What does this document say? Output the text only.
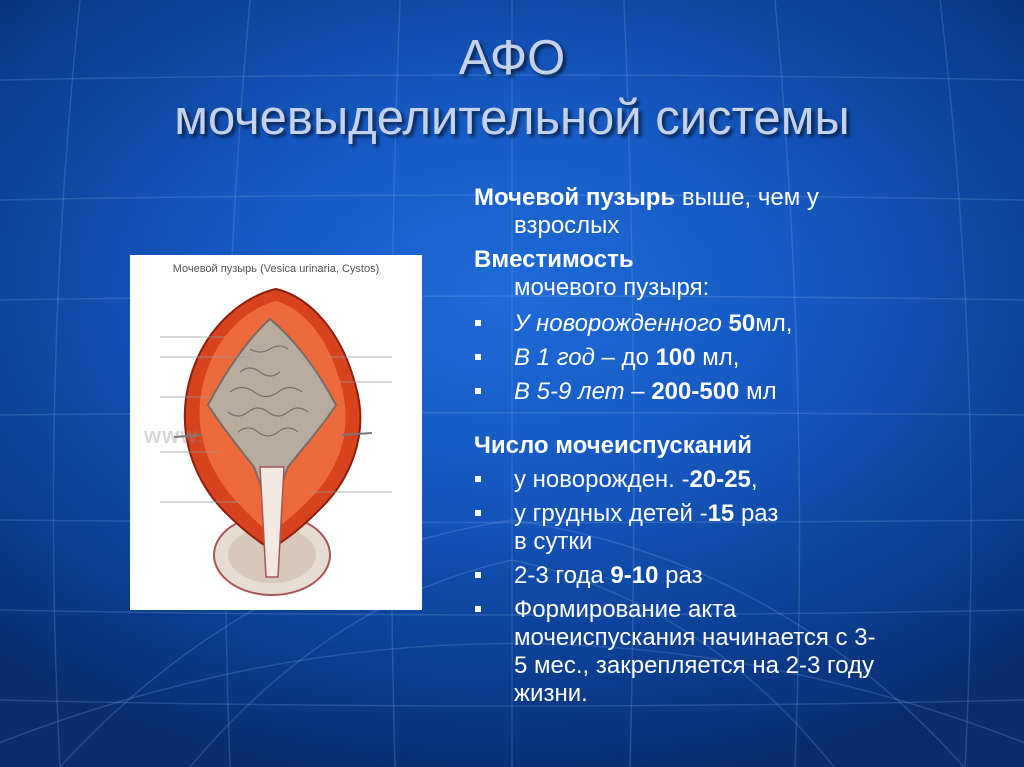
АФО
мочевыделительной системы
Мочевой пузырь (Vesica urinaria, Cystos)
www.

Мочевой пузырь выше, чем у

взрослых

Вместимость

мочевого пузыря:

У новорожденного 50мл,
В 1 год – до 100 мл,
В 5-9 лет – 200-500 мл

Число мочеиспусканий

у новорожден. -20-25,
у грудных детей -15 раз
в сутки
2-3 года 9-10 раз
Формирование акта
мочеиспускания начинается с 3-
5 мес., закрепляется на 2-3 году
жизни.
